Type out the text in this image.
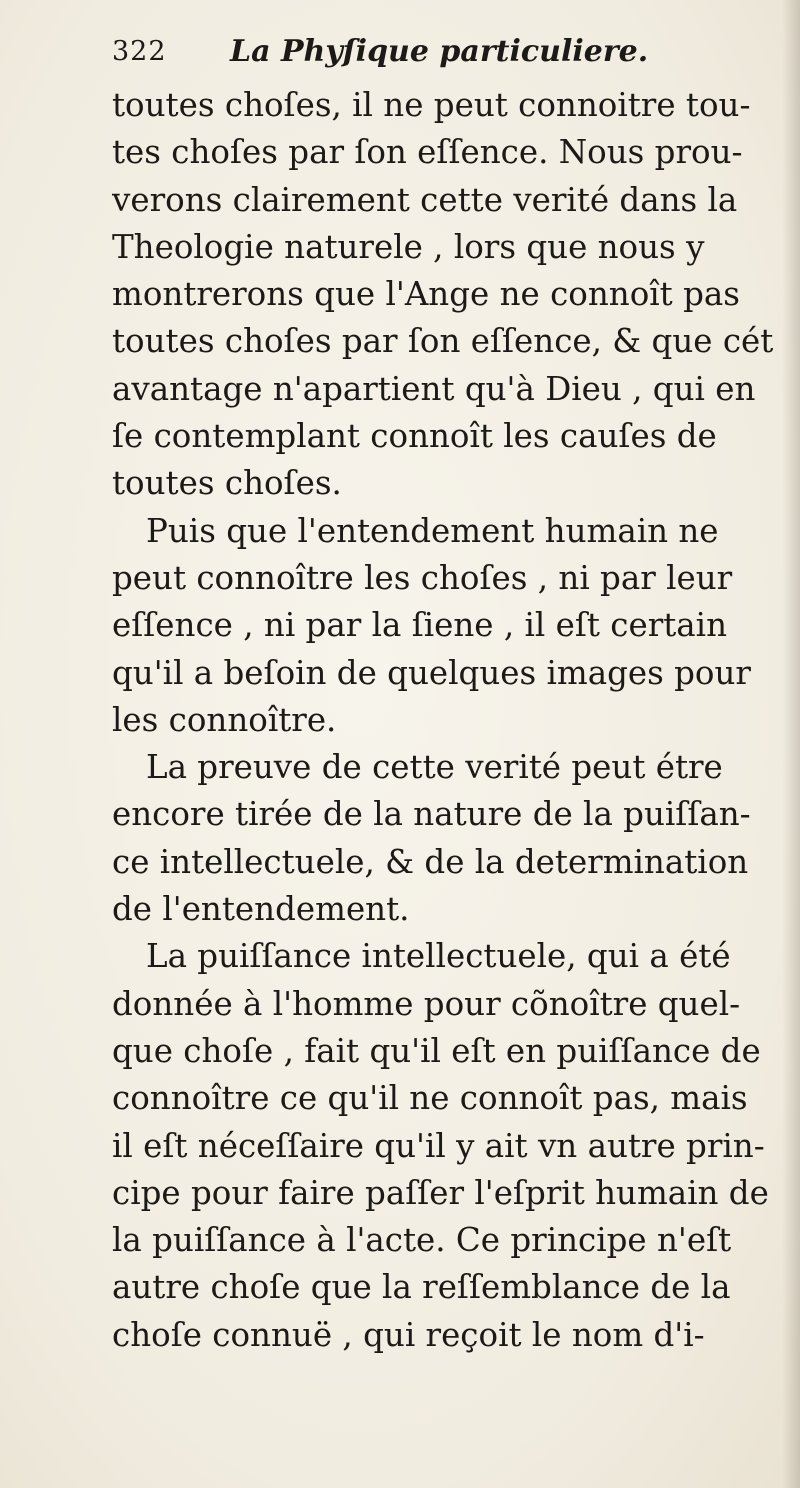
322 La Phyſique particuliere.
toutes choſes, il ne peut connoitre tou-
tes choſes par ſon eſſence. Nous prou-
verons clairement cette verité dans la
Theologie naturele , lors que nous y
montrerons que l'Ange ne connoît pas
toutes choſes par ſon eſſence, & que cét
avantage n'apartient qu'à Dieu , qui en
ſe contemplant connoît les cauſes de
toutes choſes.
Puis que l'entendement humain ne
peut connoître les choſes , ni par leur
eſſence , ni par la ſiene , il eſt certain
qu'il a beſoin de quelques images pour
les connoître.
La preuve de cette verité peut étre
encore tirée de la nature de la puiſſan-
ce intellectuele, & de la determination
de l'entendement.
La puiſſance intellectuele, qui a été
donnée à l'homme pour cõnoître quel-
que choſe , fait qu'il eſt en puiſſance de
connoître ce qu'il ne connoît pas, mais
il eſt néceſſaire qu'il y ait vn autre prin-
cipe pour faire paſſer l'eſprit humain de
la puiſſance à l'acte. Ce principe n'eſt
autre choſe que la reſſemblance de la
choſe connuë , qui reçoit le nom d'i-
